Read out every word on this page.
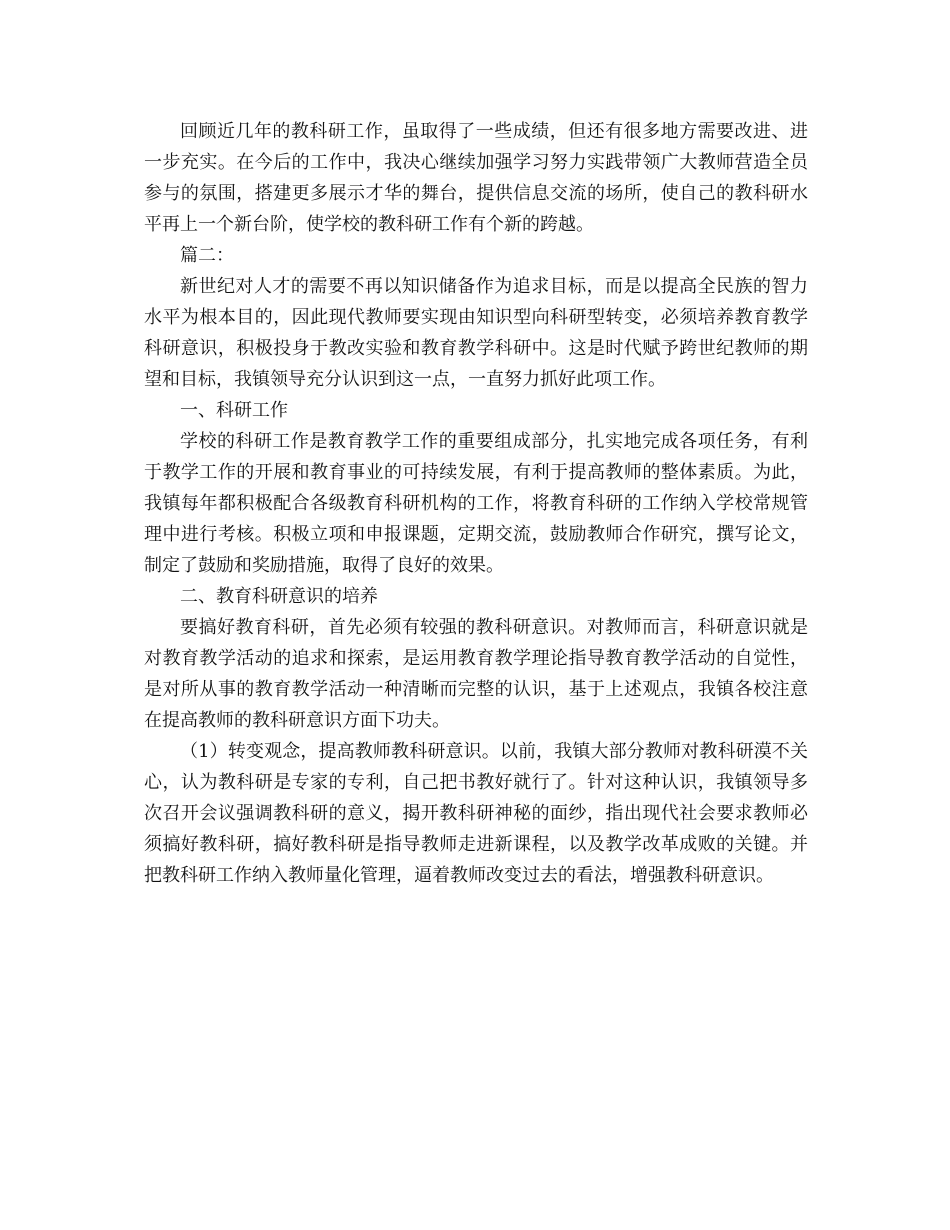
回顾近几年的教科研工作，虽取得了一些成绩，但还有很多地方需要改进、进一步充实。在今后的工作中，我决心继续加强学习努力实践带领广大教师营造全员参与的氛围，搭建更多展示才华的舞台，提供信息交流的场所，使自己的教科研水平再上一个新台阶，使学校的教科研工作有个新的跨越。

篇二：

新世纪对人才的需要不再以知识储备作为追求目标，而是以提高全民族的智力水平为根本目的，因此现代教师要实现由知识型向科研型转变，必须培养教育教学科研意识，积极投身于教改实验和教育教学科研中。这是时代赋予跨世纪教师的期望和目标，我镇领导充分认识到这一点，一直努力抓好此项工作。

一、科研工作

学校的科研工作是教育教学工作的重要组成部分，扎实地完成各项任务，有利于教学工作的开展和教育事业的可持续发展，有利于提高教师的整体素质。为此，我镇每年都积极配合各级教育科研机构的工作，将教育科研的工作纳入学校常规管理中进行考核。积极立项和申报课题，定期交流，鼓励教师合作研究，撰写论文，制定了鼓励和奖励措施，取得了良好的效果。

二、教育科研意识的培养

要搞好教育科研，首先必须有较强的教科研意识。对教师而言，科研意识就是对教育教学活动的追求和探索，是运用教育教学理论指导教育教学活动的自觉性，是对所从事的教育教学活动一种清晰而完整的认识，基于上述观点，我镇各校注意在提高教师的教科研意识方面下功夫。

（1）转变观念，提高教师教科研意识。以前，我镇大部分教师对教科研漠不关心，认为教科研是专家的专利，自己把书教好就行了。针对这种认识，我镇领导多次召开会议强调教科研的意义，揭开教科研神秘的面纱，指出现代社会要求教师必须搞好教科研，搞好教科研是指导教师走进新课程，以及教学改革成败的关键。并把教科研工作纳入教师量化管理，逼着教师改变过去的看法，增强教科研意识。
